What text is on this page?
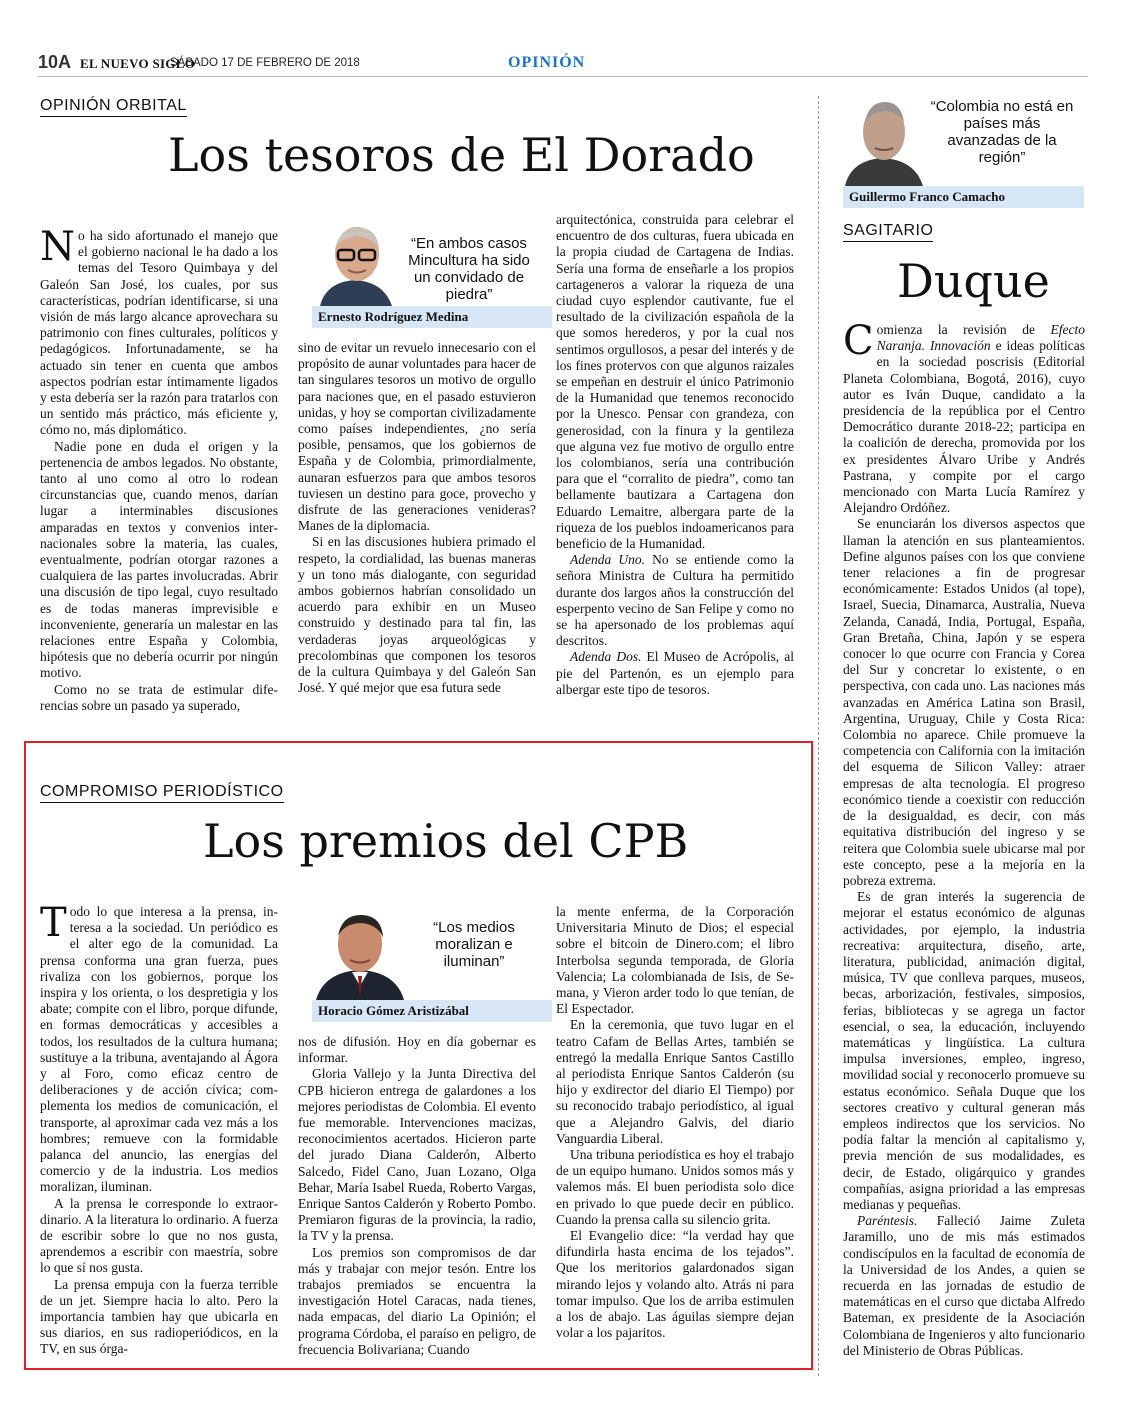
10A EL NUEVO SIGLO
SÁBADO 17 DE FEBRERO DE 2018	OPINIÓN
OPINIÓN ORBITAL
Los tesoros de El Dorado

No ha sido afortunado el manejo que el gobierno nacional le ha dado a los temas del Tesoro Quimbaya y del Galeón San José, los cuales, por sus características, podrían identificarse, si una visión de más largo alcance aprovechara su patrimonio con fines culturales, políticos y pedagógicos. Infortunadamente, se ha actuado sin tener en cuenta que ambos aspectos podrían estar íntimamente ligados y esta debería ser la razón para tratarlos con un sentido más práctico, más eficiente y, cómo no, más diplomático.

Nadie pone en duda el origen y la pertenencia de ambos legados. No obstante, tanto al uno como al otro lo rodean circunstancias que, cuando menos, darían lugar a interminables discusiones amparadas en textos y convenios internacionales sobre la materia, las cuales, eventualmente, podrían otorgar razones a cualquiera de las partes involucradas. Abrir una discusión de tipo legal, cuyo resultado es de todas maneras imprevisible e inconveniente, generaría un malestar en las relaciones entre España y Colombia, hipótesis que no debería ocurrir por ningún motivo.

Como no se trata de estimular diferencias sobre un pasado ya superado,

“En ambos casos Mincultura ha sido un convidado de piedra”
Ernesto Rodríguez Medina

sino de evitar un revuelo innecesario con el propósito de aunar voluntades para hacer de tan singulares tesoros un motivo de orgullo para naciones que, en el pasado estuvieron unidas, y hoy se comportan civilizadamente como países independientes, ¿no sería posible, pensamos, que los gobiernos de España y de Colombia, primordialmente, aunaran esfuerzos para que ambos tesoros tuviesen un destino para goce, provecho y disfrute de las generaciones venideras? Manes de la diplomacia.

Si en las discusiones hubiera primado el respeto, la cordialidad, las buenas maneras y un tono más dialogante, con seguridad ambos gobiernos habrían consolidado un acuerdo para exhibir en un Museo construido y destinado para tal fin, las verdaderas joyas arqueológicas y precolombinas que componen los tesoros de la cultura Quimbaya y del Galeón San José. Y qué mejor que esa futura sede

arquitectónica, construida para celebrar el encuentro de dos culturas, fuera ubicada en la propia ciudad de Cartagena de Indias. Sería una forma de enseñarle a los propios cartageneros a valorar la riqueza de una ciudad cuyo esplendor cautivante, fue el resultado de la civilización española de la que somos herederos, y por la cual nos sentimos orgullosos, a pesar del interés y de los fines protervos con que algunos raizales se empeñan en destruir el único Patrimonio de la Humanidad que tenemos reconocido por la Unesco. Pensar con grandeza, con generosidad, con la finura y la gentileza que alguna vez fue motivo de orgullo entre los colombianos, sería una contribución para que el “corralito de piedra”, como tan bellamente bautizara a Cartagena don Eduardo Lemaitre, albergara parte de la riqueza de los pueblos indoamericanos para beneficio de la Humanidad.

Adenda Uno. No se entiende como la señora Ministra de Cultura ha permitido durante dos largos años la construcción del esperpento vecino de San Felipe y como no se ha apersonado de los problemas aquí descritos.

Adenda Dos. El Museo de Acrópolis, al pie del Partenón, es un ejemplo para albergar este tipo de tesoros.

COMPROMISO PERIODÍSTICO
Los premios del CPB

Todo lo que interesa a la prensa, interesa a la sociedad. Un periódico es el alter ego de la comunidad. La prensa conforma una gran fuerza, pues rivaliza con los gobiernos, porque los inspira y los orienta, o los despretigia y los abate; compite con el libro, porque difunde, en formas democráticas y accesibles a todos, los resultados de la cultura humana; sustituye a la tribuna, aventajando al Ágora y al Foro, como eficaz centro de deliberaciones y de acción cívica; complementa los medios de comunicación, el transporte, al aproximar cada vez más a los hombres; remueve con la formidable palanca del anuncio, las energías del comercio y de la industria. Los medios moralizan, iluminan.

A la prensa le corresponde lo extraordinario. A la literatura lo ordinario. A fuerza de escribir sobre lo que no nos gusta, aprendemos a escribir con maestría, sobre lo que sí nos gusta.

La prensa empuja con la fuerza terrible de un jet. Siempre hacia lo alto. Pero la importancia tambien hay que ubicarla en sus diarios, en sus radioperiódicos, en la TV, en sus órga-

“Los medios moralizan e iluminan”
Horacio Gómez Aristizábal

nos de difusión. Hoy en día gobernar es informar.

Gloria Vallejo y la Junta Directiva del CPB hicieron entrega de galardones a los mejores periodistas de Colombia. El evento fue memorable. Intervenciones macizas, reconocimientos acertados. Hicieron parte del jurado Diana Calderón, Alberto Salcedo, Fidel Cano, Juan Lozano, Olga Behar, María Isabel Rueda, Roberto Vargas, Enrique Santos Calderón y Roberto Pombo. Premiaron figuras de la provincia, la radio, la TV y la prensa.

Los premios son compromisos de dar más y trabajar con mejor tesón. Entre los trabajos premiados se encuentra la investigación Hotel Caracas, nada tienes, nada empacas, del diario La Opinión; el programa Córdoba, el paraíso en peligro, de frecuencia Bolivariana; Cuando

la mente enferma, de la Corporación Universitaria Minuto de Dios; el especial sobre el bitcoin de Dinero.com; el libro Interbolsa segunda temporada, de Gloria Valencia; La colombianada de Isis, de Semana, y Vieron arder todo lo que tenían, de El Espectador.

En la ceremonia, que tuvo lugar en el teatro Cafam de Bellas Artes, también se entregó la medalla Enrique Santos Castillo al periodista Enrique Santos Calderón (su hijo y exdirector del diario El Tiempo) por su reconocido trabajo periodístico, al igual que a Alejandro Galvis, del diario Vanguardia Liberal.

Una tribuna periodística es hoy el trabajo de un equipo humano. Unidos somos más y valemos más. El buen periodista solo dice en privado lo que puede decir en público. Cuando la prensa calla su silencio grita.

El Evangelio dice: “la verdad hay que difundirla hasta encima de los tejados”. Que los meritorios galardonados sigan mirando lejos y volando alto. Atrás ni para tomar impulso. Que los de arriba estimulen a los de abajo. Las águilas siempre dejan volar a los pajaritos.

“Colombia no está en países más avanzadas de la región”
Guillermo Franco Camacho
SAGITARIO
Duque

Comienza la revisión de Efecto Naranja. Innovación e ideas políticas en la sociedad poscrisis (Editorial Planeta Colombiana, Bogotá, 2016), cuyo autor es Iván Duque, candidato a la presidencia de la república por el Centro Democrático durante 2018-22; participa en la coalición de derecha, promovida por los ex presidentes Álvaro Uribe y Andrés Pastrana, y compite por el cargo mencionado con Marta Lucía Ramírez y Alejandro Ordóñez.

Se enunciarán los diversos aspectos que llaman la atención en sus planteamientos. Define algunos países con los que conviene tener relaciones a fin de progresar económicamente: Estados Unidos (al tope), Israel, Suecia, Dinamarca, Australia, Nueva Zelanda, Canadá, India, Portugal, España, Gran Bretaña, China, Japón y se espera conocer lo que ocurre con Francia y Corea del Sur y concretar lo existente, o en perspectiva, con cada uno. Las naciones más avanzadas en América Latina son Brasil, Argentina, Uruguay, Chile y Costa Rica: Colombia no aparece. Chile promueve la competencia con California con la imitación del esquema de Silicon Valley: atraer empresas de alta tecnología. El progreso económico tiende a coexistir con reducción de la desigualdad, es decir, con más equitativa distribución del ingreso y se reitera que Colombia suele ubicarse mal por este concepto, pese a la mejoría en la pobreza extrema.

Es de gran interés la sugerencia de mejorar el estatus económico de algunas actividades, por ejemplo, la industria recreativa: arquitectura, diseño, arte, literatura, publicidad, animación digital, música, TV que conlleva parques, museos, becas, arborización, festivales, simposios, ferias, bibliotecas y se agrega un factor esencial, o sea, la educación, incluyendo matemáticas y lingüística. La cultura impulsa inversiones, empleo, ingreso, movilidad social y reconocerlo promueve su estatus económico. Señala Duque que los sectores creativo y cultural generan más empleos indirectos que los servicios. No podía faltar la mención al capitalismo y, previa mención de sus modalidades, es decir, de Estado, oligárquico y grandes compañías, asigna prioridad a las empresas medianas y pequeñas.

Paréntesis. Falleció Jaime Zuleta Jaramillo, uno de mis más estimados condiscípulos en la facultad de economía de la Universidad de los Andes, a quien se recuerda en las jornadas de estudio de matemáticas en el curso que dictaba Alfredo Bateman, ex presidente de la Asociación Colombiana de Ingenieros y alto funcionario del Ministerio de Obras Públicas.
